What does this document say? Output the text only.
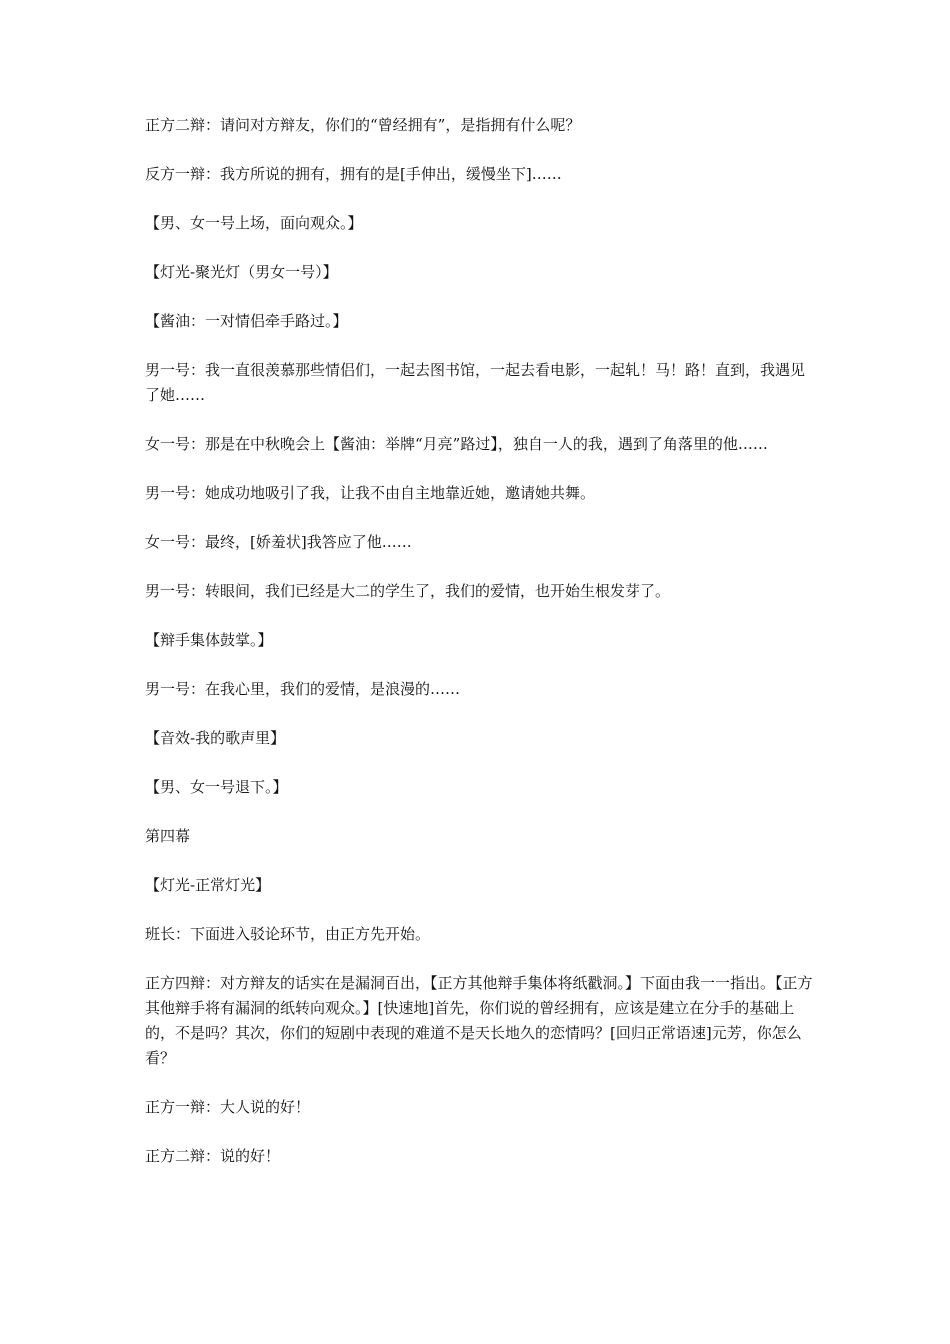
正方二辩：请问对方辩友，你们的“曾经拥有”，是指拥有什么呢？

反方一辩：我方所说的拥有，拥有的是[手伸出，缓慢坐下]……

【男、女一号上场，面向观众。】

【灯光-聚光灯（男女一号）】

【酱油：一对情侣牵手路过。】

男一号：我一直很羡慕那些情侣们，一起去图书馆，一起去看电影，一起轧！马！路！直到，我遇见了她……

女一号：那是在中秋晚会上【酱油：举牌“月亮”路过】，独自一人的我，遇到了角落里的他……

男一号：她成功地吸引了我，让我不由自主地靠近她，邀请她共舞。

女一号：最终，[娇羞状]我答应了他……

男一号：转眼间，我们已经是大二的学生了，我们的爱情，也开始生根发芽了。

【辩手集体鼓掌。】

男一号：在我心里，我们的爱情，是浪漫的……

【音效-我的歌声里】

【男、女一号退下。】

第四幕

【灯光-正常灯光】

班长：下面进入驳论环节，由正方先开始。

正方四辩：对方辩友的话实在是漏洞百出，【正方其他辩手集体将纸戳洞。】下面由我一一指出。【正方其他辩手将有漏洞的纸转向观众。】[快速地]首先，你们说的曾经拥有，应该是建立在分手的基础上的，不是吗？其次，你们的短剧中表现的难道不是天长地久的恋情吗？[回归正常语速]元芳，你怎么看？

正方一辩：大人说的好！

正方二辩：说的好！
